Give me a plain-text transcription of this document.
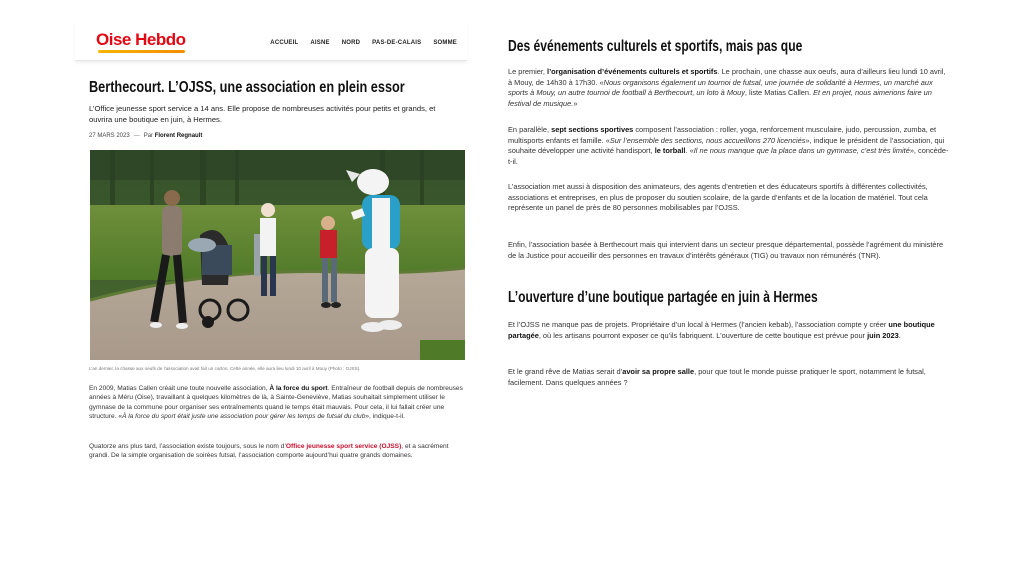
Oise Hebdo	ACCUEIL AISNE NORD PAS-DE-CALAIS SOMME
Berthecourt. L’OJSS, une association en plein essor
L’Office jeunesse sport service a 14 ans. Elle propose de nombreuses activités pour petits et grands, et ouvrira une boutique en juin, à Hermes.
27 MARS 2023 — Par Florent Regnault
L’an dernier, la chasse aux oeufs de l’association avait fait un carton. Cette année, elle aura lieu lundi 10 avril à Mouy (Photo : OJSS).
En 2009, Matias Callen créait une toute nouvelle association, À la force du sport. Entraîneur de football depuis de nombreuses années à Méru (Oise), travaillant à quelques kilomètres de là, à Sainte-Geneviève, Matias souhaitait simplement utiliser le gymnase de la commune pour organiser ses entraînements quand le temps était mauvais. Pour cela, il lui fallait créer une structure. «À la force du sport était juste une association pour gérer les temps de futsal du club», indique-t-il.
Quatorze ans plus tard, l’association existe toujours, sous le nom d’Office jeunesse sport service (OJSS), et a sacrément grandi. De la simple organisation de soirées futsal, l’association comporte aujourd’hui quatre grands domaines.
Des événements culturels et sportifs, mais pas que
Le premier, l’organisation d’événements culturels et sportifs. Le prochain, une chasse aux oeufs, aura d’ailleurs lieu lundi 10 avril, à Mouy, de 14h30 à 17h30. «Nous organisons également un tournoi de futsal, une journée de solidarité à Hermes, un marché aux sports à Mouy, un autre tournoi de football à Berthecourt, un loto à Mouy, liste Matias Callen. Et en projet, nous aimerions faire un festival de musique.»
En parallèle, sept sections sportives composent l’association : roller, yoga, renforcement musculaire, judo, percussion, zumba, et multisports enfants et famille. «Sur l’ensemble des sections, nous accueillons 270 licenciés», indique le président de l’association, qui souhaite développer une activité handisport, le torball. «Il ne nous manque que la place dans un gymnase, c’est très limité», concède-t-il.
L’association met aussi à disposition des animateurs, des agents d’entretien et des éducateurs sportifs à différentes collectivités, associations et entreprises, en plus de proposer du soutien scolaire, de la garde d’enfants et de la location de matériel. Tout cela représente un panel de près de 80 personnes mobilisables par l’OJSS.
Enfin, l’association basée à Berthecourt mais qui intervient dans un secteur presque départemental, possède l’agrément du ministère de la Justice pour accueillir des personnes en travaux d’intérêts généraux (TIG) ou travaux non rémunérés (TNR).
L’ouverture d’une boutique partagée en juin à Hermes
Et l’OJSS ne manque pas de projets. Propriétaire d’un local à Hermes (l’ancien kebab), l’association compte y créer une boutique partagée, où les artisans pourront exposer ce qu’ils fabriquent. L’ouverture de cette boutique est prévue pour juin 2023.
Et le grand rêve de Matias serait d’avoir sa propre salle, pour que tout le monde puisse pratiquer le sport, notamment le futsal, facilement. Dans quelques années ?
